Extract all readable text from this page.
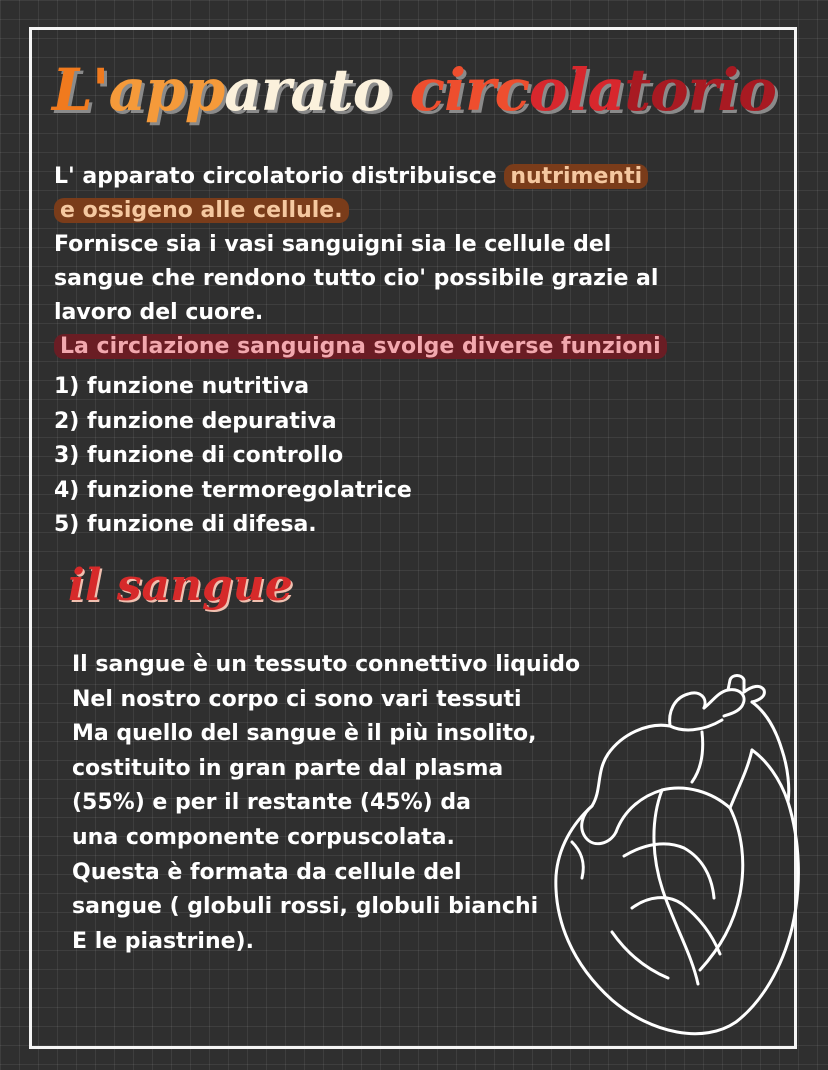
L'apparato circolatorio
L' apparato circolatorio distribuisce nutrimenti
e ossigeno alle cellule.
Fornisce sia i vasi sanguigni sia le cellule del
sangue che rendono tutto cio' possibile grazie al
lavoro del cuore.
La circlazione sanguigna svolge diverse funzioni
1) funzione nutritiva
2) funzione depurativa
3) funzione di controllo
4) funzione termoregolatrice
5) funzione di difesa.
il sangue
Il sangue è un tessuto connettivo liquido
Nel nostro corpo ci sono vari tessuti
Ma quello del sangue è il più insolito,
costituito in gran parte dal plasma
(55%) e per il restante (45%) da
una componente corpuscolata.
Questa è formata da cellule del
sangue ( globuli rossi, globuli bianchi
E le piastrine).
